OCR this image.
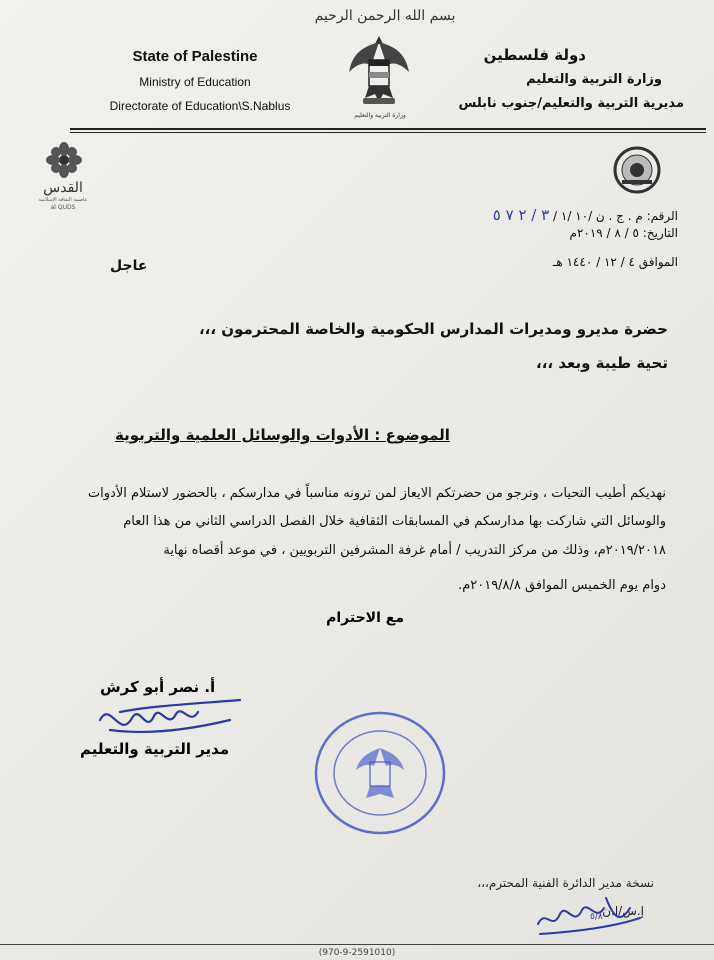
بسم الله الرحمن الرحيم
State of Palestine
Ministry of Education
Directorate of Education\S.Nablus
دولة فلسطين
وزارة التربية والتعليم
مديرية التربية والتعليم/جنوب نابلس
وزارة التربية والتعليم
القدس
عاصمة الثقافة الإسلامية
al QUDS
الرقم: م . ج . ن /١٠ /١ / ٣ / ٢ ٧ ٥
التاريخ: ٥ / ٨ / ٢٠١٩م
الموافق ٤ / ١٢ / ١٤٤٠ هـ
عاجل
حضرة مديرو ومديرات المدارس الحكومية والخاصة المحترمون ،،،
تحية طيبة وبعد ،،،
الموضوع : الأدوات والوسائل العلمية والتربوية
نهديكم أطيب التحيات ، ونرجو من حضرتكم الايعاز لمن ترونه مناسباً في مدارسكم ، بالحضور لاستلام الأدوات
والوسائل التي شاركت بها مدارسكم في المسابقات الثقافية خلال الفصل الدراسي الثاني من هذا العام
٢٠١٩/٢٠١٨م، وذلك من مركز التدريب / أمام غرفة المشرفين التربويين ، في موعد أقصاه نهاية
دوام يوم الخميس الموافق ٢٠١٩/٨/٨م.
مع الاحترام
أ. نصر أبو كرش
مدير التربية والتعليم
نسخة مدير الدائرة الفنية المحترم،،،
إ.س/ا.ن
٥/٨
(970-9-2591010)
